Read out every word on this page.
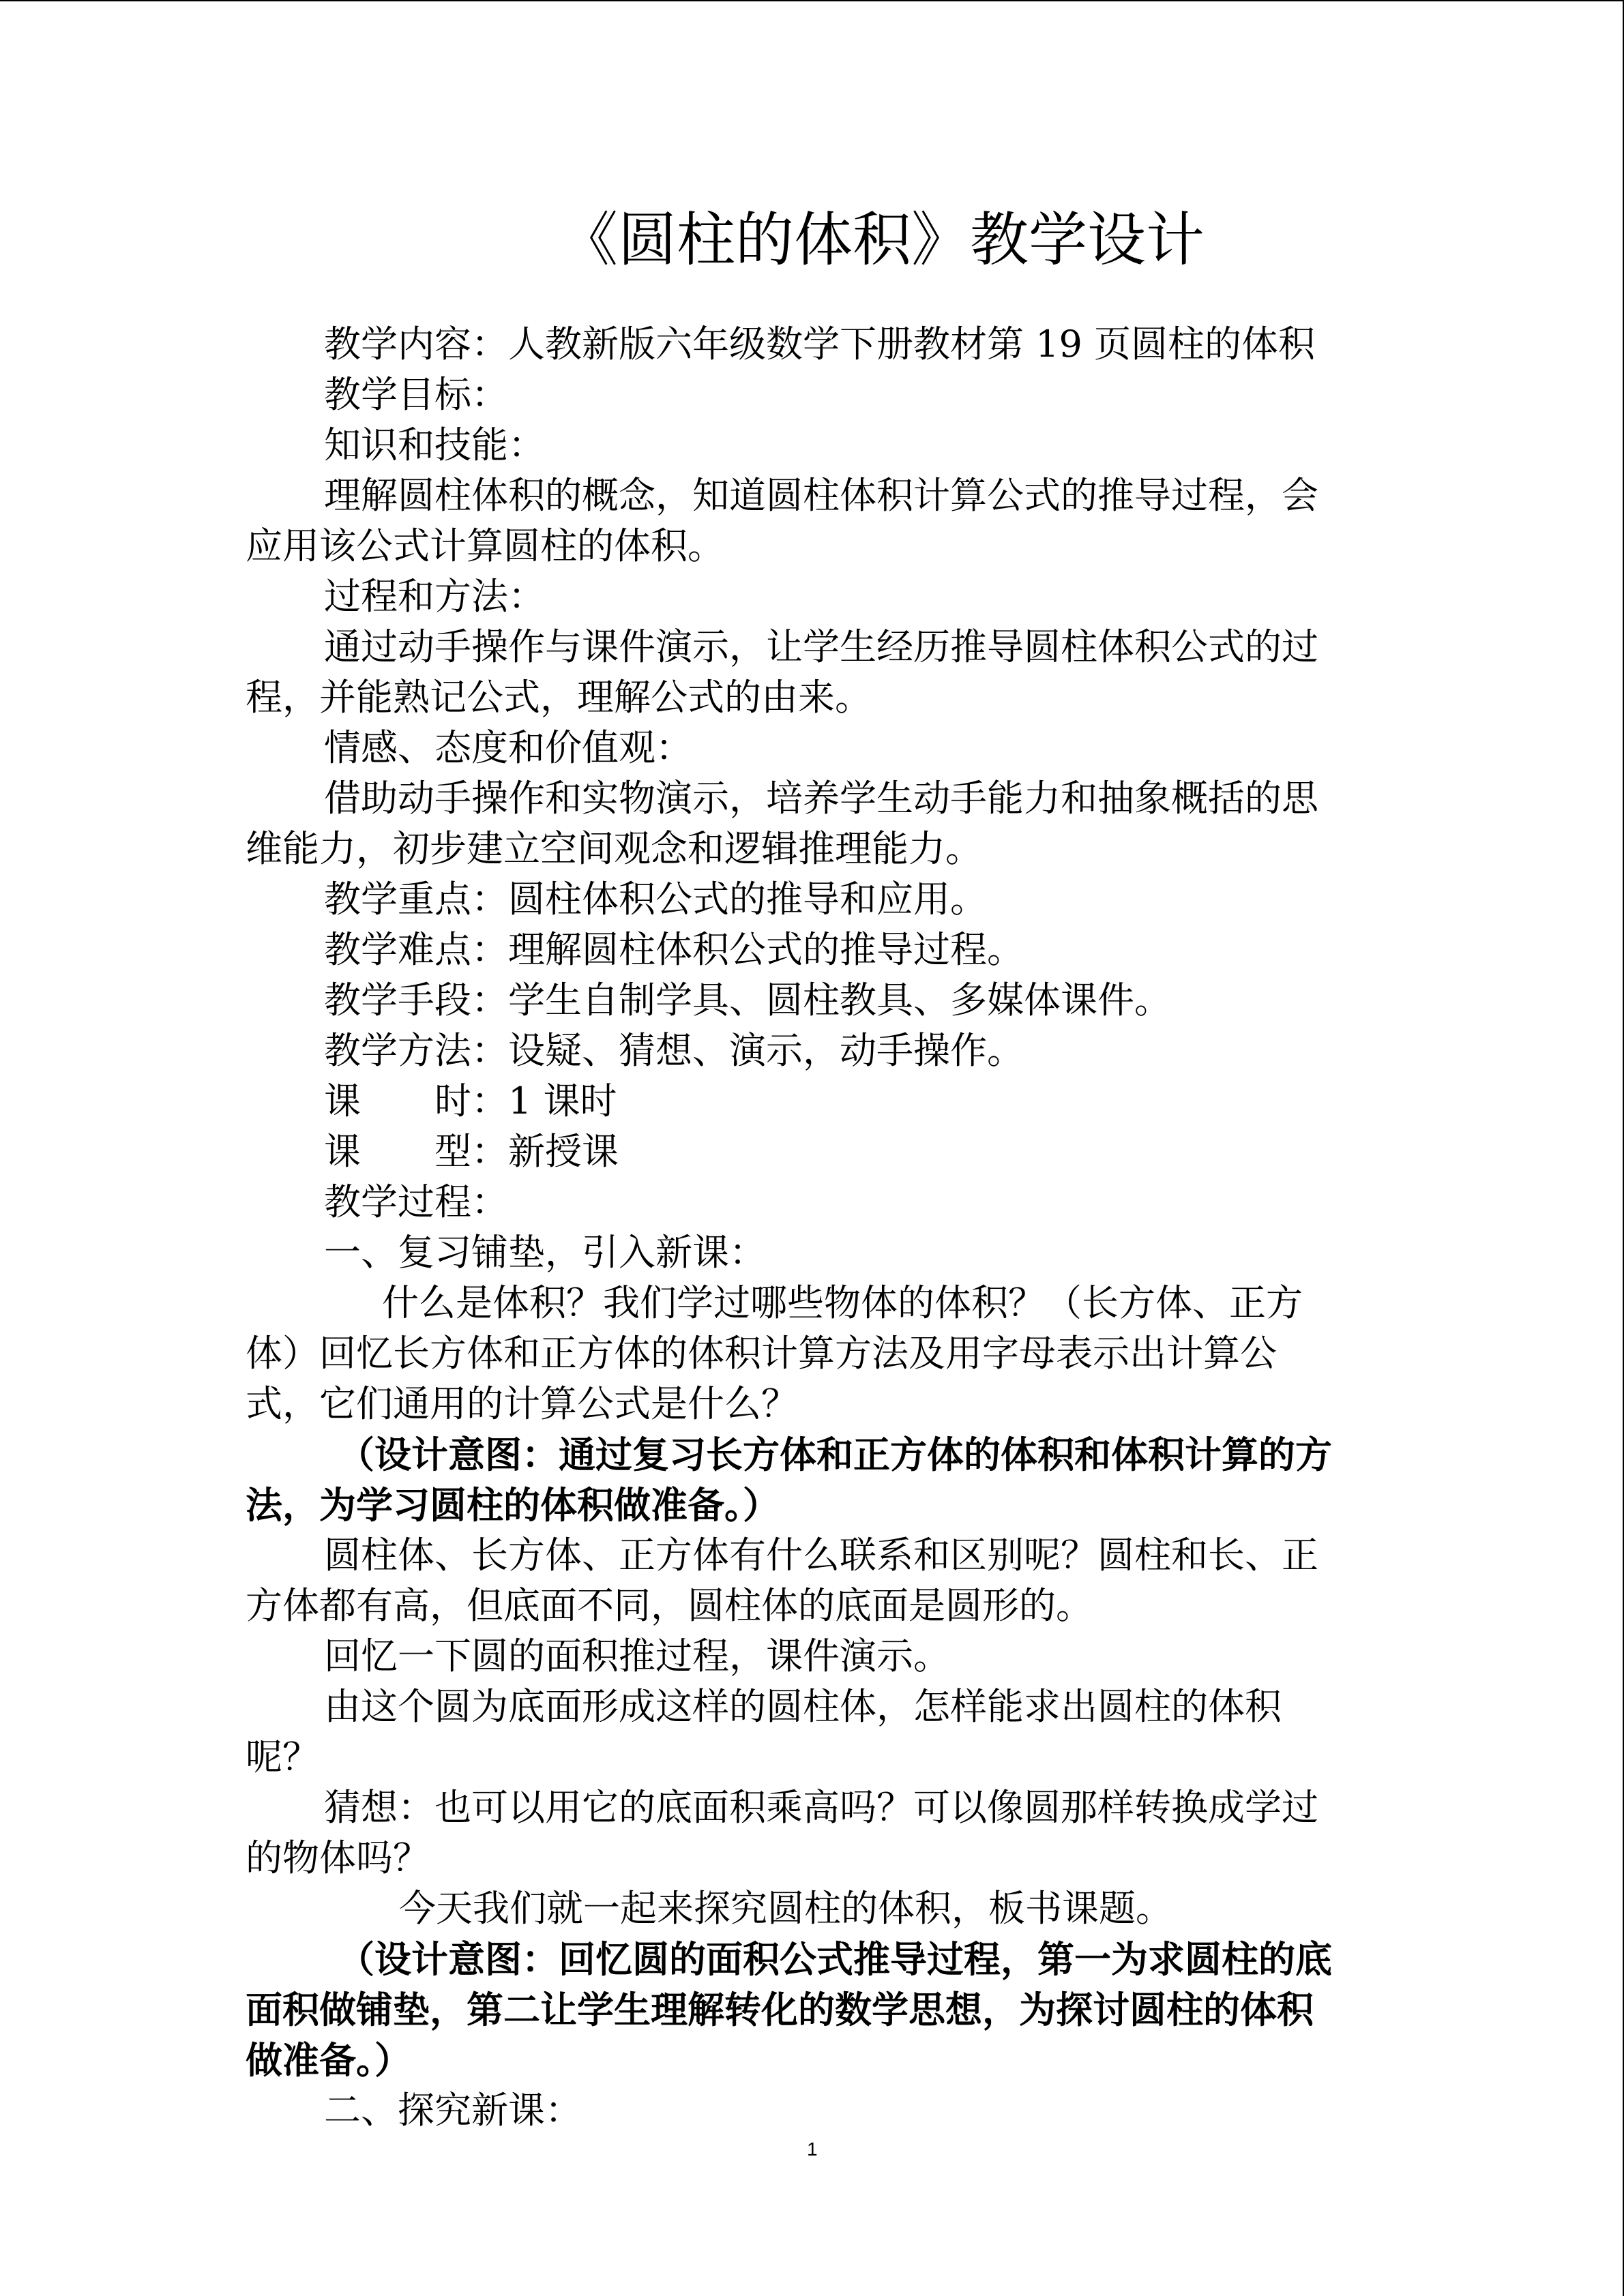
《圆柱的体积》教学设计
教学内容：人教新版六年级数学下册教材第 19 页圆柱的体积
教学目标：
知识和技能：
理解圆柱体积的概念，知道圆柱体积计算公式的推导过程，会
应用该公式计算圆柱的体积。
过程和方法：
通过动手操作与课件演示，让学生经历推导圆柱体积公式的过
程，并能熟记公式，理解公式的由来。
情感、态度和价值观：
借助动手操作和实物演示，培养学生动手能力和抽象概括的思
维能力，初步建立空间观念和逻辑推理能力。
教学重点：圆柱体积公式的推导和应用。
教学难点：理解圆柱体积公式的推导过程。
教学手段：学生自制学具、圆柱教具、多媒体课件。
教学方法：设疑、猜想、演示，动手操作。
课　　时：1 课时
课　　型：新授课
教学过程：
一、复习铺垫，引入新课：
什么是体积？我们学过哪些物体的体积？（长方体、正方
体）回忆长方体和正方体的体积计算方法及用字母表示出计算公
式，它们通用的计算公式是什么？
（设计意图：通过复习长方体和正方体的体积和体积计算的方
法，为学习圆柱的体积做准备。）
圆柱体、长方体、正方体有什么联系和区别呢？圆柱和长、正
方体都有高，但底面不同，圆柱体的底面是圆形的。
回忆一下圆的面积推过程，课件演示。
由这个圆为底面形成这样的圆柱体，怎样能求出圆柱的体积
呢？
猜想：也可以用它的底面积乘高吗？可以像圆那样转换成学过
的物体吗？
今天我们就一起来探究圆柱的体积，板书课题。
（设计意图：回忆圆的面积公式推导过程，第一为求圆柱的底
面积做铺垫，第二让学生理解转化的数学思想，为探讨圆柱的体积
做准备。）
二、探究新课：
1
